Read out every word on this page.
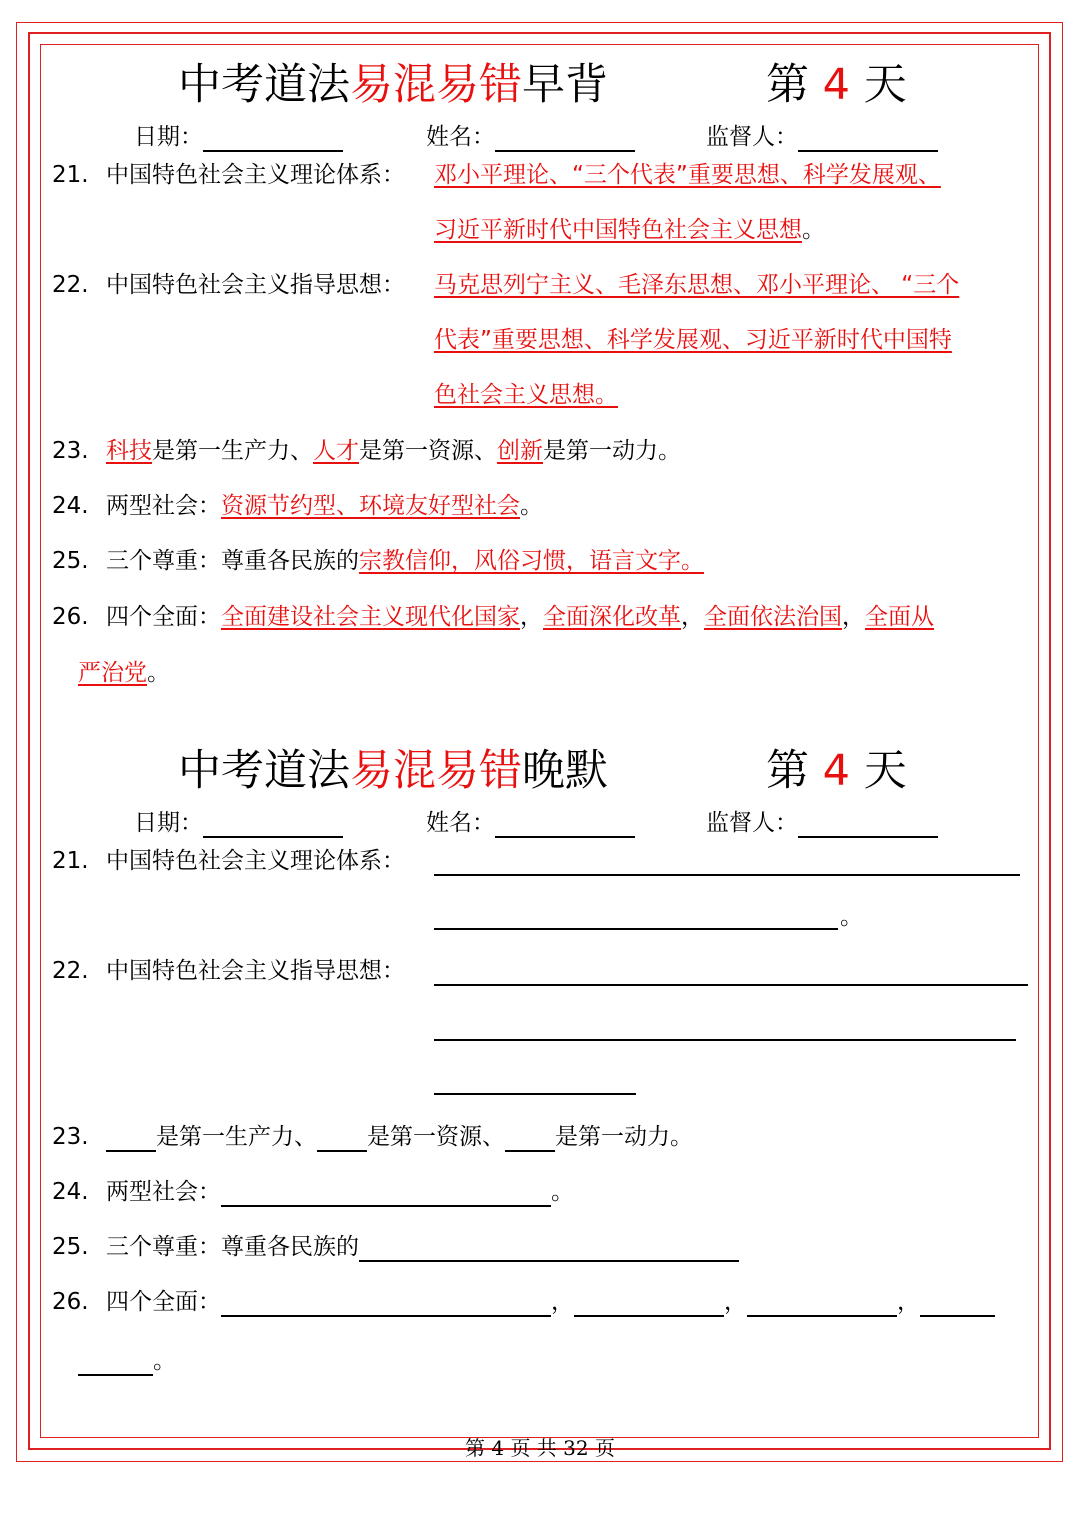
中考道法易混易错早背	第 4 天
日期：	姓名：	监督人：
21. 中国特色社会主义理论体系： 邓小平理论、“三个代表”重要思想、科学发展观、
习近平新时代中国特色社会主义思想。
22. 中国特色社会主义指导思想： 马克思列宁主义、毛泽东思想、邓小平理论、 “三个
代表”重要思想、科学发展观、习近平新时代中国特
色社会主义思想。
23. 科技是第一生产力、人才是第一资源、创新是第一动力。
24. 两型社会：资源节约型、环境友好型社会。
25. 三个尊重：尊重各民族的宗教信仰，风俗习惯，语言文字。
26. 四个全面：全面建设社会主义现代化国家，全面深化改革，全面依法治国，全面从
严治党。
中考道法易混易错晚默	第 4 天
日期：	姓名：	监督人：
21. 中国特色社会主义理论体系：
。
22. 中国特色社会主义指导思想：
23.	是第一生产力、 是第一资源、 是第一动力。
24. 两型社会：	。
25. 三个尊重：尊重各民族的
26. 四个全面：	，	，	，
。
第 4 页 共 32 页
